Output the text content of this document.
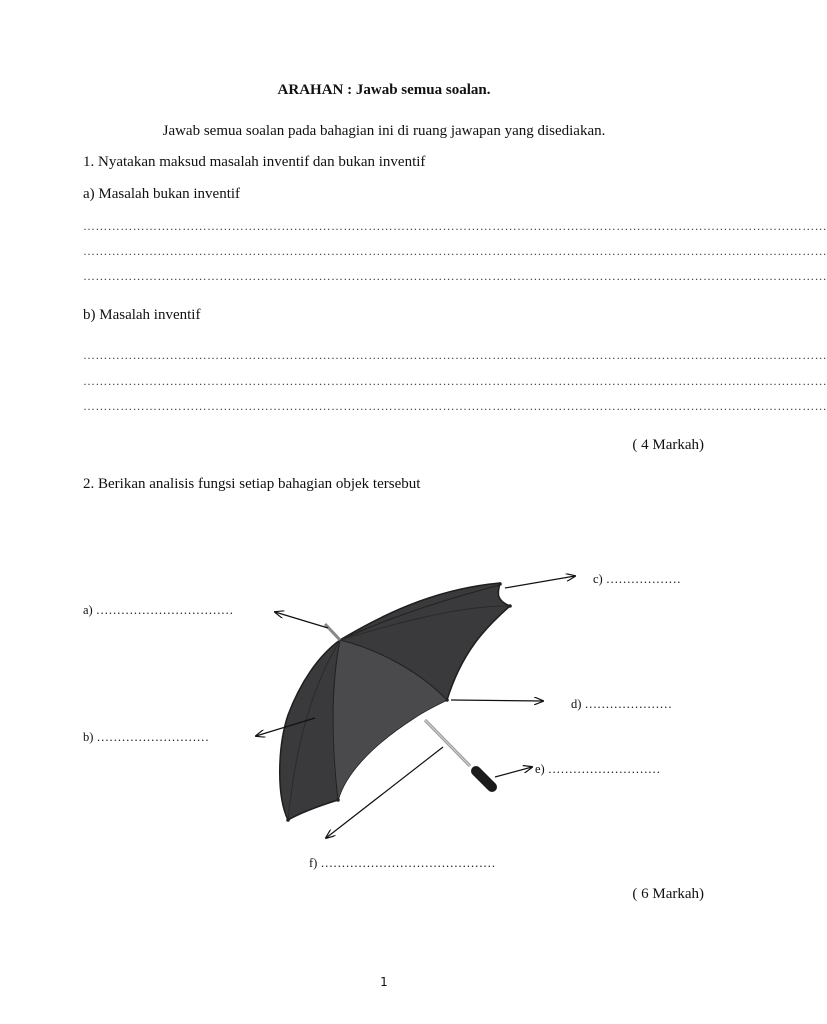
ARAHAN : Jawab semua soalan.
Jawab semua soalan pada bahagian ini di ruang jawapan yang disediakan.
1. Nyatakan maksud masalah inventif dan bukan inventif
a) Masalah bukan inventif
………………………………………………………………………………………………………………………………………………………………
………………………………………………………………………………………………………………………………………………………………
………………………………………………………………………………………………………………………………………………………………
b) Masalah inventif
………………………………………………………………………………………………………………………………………………………………
………………………………………………………………………………………………………………………………………………………………
………………………………………………………………………………………………………………………………………………………………
( 4 Markah)
2. Berikan analisis fungsi setiap bahagian objek tersebut
a) ……………………………
b) ………………………
c) ………………
d) …………………
e) ………………………
f) ……………………………………
( 6 Markah)
1
